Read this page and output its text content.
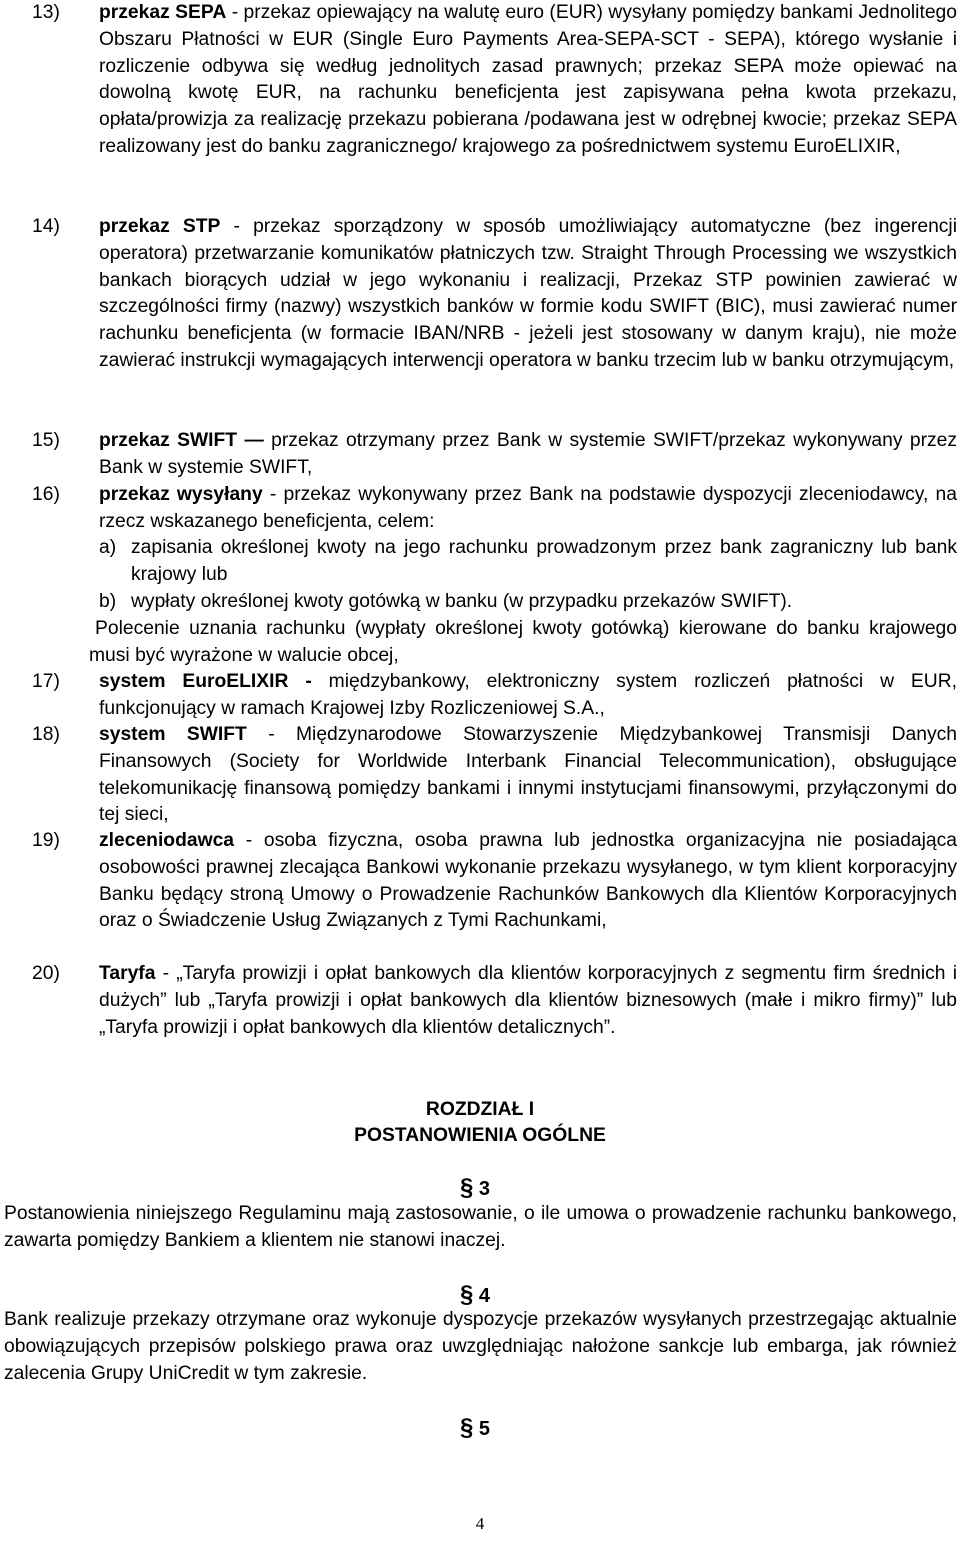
13)	przekaz SEPA - przekaz opiewający na walutę euro (EUR) wysyłany pomiędzy bankami Jednolitego Obszaru Płatności w EUR (Single Euro Payments Area-SEPA-SCT - SEPA), którego wysłanie i rozliczenie odbywa się według jednolitych zasad prawnych; przekaz SEPA może opiewać na dowolną kwotę EUR, na rachunku beneficjenta jest zapisywana pełna kwota przekazu, opłata/prowizja za realizację przekazu pobierana /podawana jest w odrębnej kwocie; przekaz SEPA realizowany jest do banku zagranicznego/ krajowego za pośrednictwem systemu EuroELIXIR,
14)	przekaz STP - przekaz sporządzony w sposób umożliwiający automatyczne (bez ingerencji operatora) przetwarzanie komunikatów płatniczych tzw. Straight Through Processing we wszystkich bankach biorących udział w jego wykonaniu i realizacji, Przekaz STP powinien zawierać w szczególności firmy (nazwy) wszystkich banków w formie kodu SWIFT (BIC), musi zawierać numer rachunku beneficjenta (w formacie IBAN/NRB - jeżeli jest stosowany w danym kraju), nie może zawierać instrukcji wymagających interwencji operatora w banku trzecim lub w banku otrzymującym,
15)	przekaz SWIFT — przekaz otrzymany przez Bank w systemie SWIFT/przekaz wykonywany przez Bank w systemie SWIFT,
16)	przekaz wysyłany - przekaz wykonywany przez Bank na podstawie dyspozycji zleceniodawcy, na rzecz wskazanego beneficjenta, celem:
a) zapisania określonej kwoty na jego rachunku prowadzonym przez bank zagraniczny lub bank krajowy lub
b) wypłaty określonej kwoty gotówką w banku (w przypadku przekazów SWIFT).
Polecenie uznania rachunku (wypłaty określonej kwoty gotówką) kierowane do banku krajowego musi być wyrażone w walucie obcej,
17)	system EuroELIXIR - międzybankowy, elektroniczny system rozliczeń płatności w EUR, funkcjonujący w ramach Krajowej Izby Rozliczeniowej S.A.,
18)	system SWIFT - Międzynarodowe Stowarzyszenie Międzybankowej Transmisji Danych Finansowych (Society for Worldwide Interbank Financial Telecommunication), obsługujące telekomunikację finansową pomiędzy bankami i innymi instytucjami finansowymi, przyłączonymi do tej sieci,
19)	zleceniodawca - osoba fizyczna, osoba prawna lub jednostka organizacyjna nie posiadająca osobowości prawnej zlecająca Bankowi wykonanie przekazu wysyłanego, w tym klient korporacyjny Banku będący stroną Umowy o Prowadzenie Rachunków Bankowych dla Klientów Korporacyjnych oraz o Świadczenie Usług Związanych z Tymi Rachunkami,
20)	Taryfa - „Taryfa prowizji i opłat bankowych dla klientów korporacyjnych z segmentu firm średnich i dużych” lub „Taryfa prowizji i opłat bankowych dla klientów biznesowych (małe i mikro firmy)” lub „Taryfa prowizji i opłat bankowych dla klientów detalicznych”.
ROZDZIAŁ I
POSTANOWIENIA OGÓLNE
§ 3
Postanowienia niniejszego Regulaminu mają zastosowanie, o ile umowa o prowadzenie rachunku bankowego, zawarta pomiędzy Bankiem a klientem nie stanowi inaczej.
§ 4
Bank realizuje przekazy otrzymane oraz wykonuje dyspozycje przekazów wysyłanych przestrzegając aktualnie obowiązujących przepisów polskiego prawa oraz uwzględniając nałożone sankcje lub embarga, jak również zalecenia Grupy UniCredit w tym zakresie.
§ 5
4
